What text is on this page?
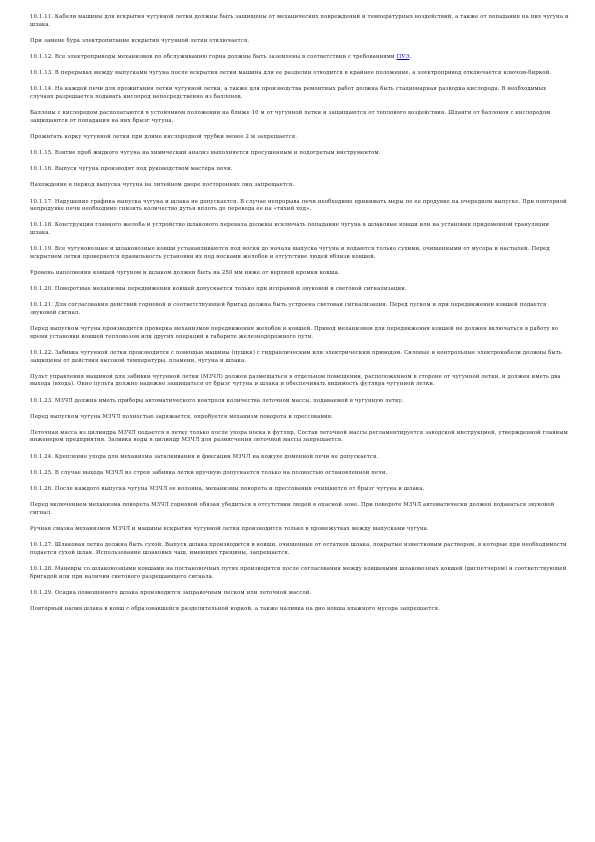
10.1.11. Кабели машины для вскрытия чугунной летки должны быть защищены от механических повреждений и температурных воздействий, а также от попадания на них чугуна и шлака.
При замене бура электропитание вскрытия чугунной летки отключается.
10.1.12. Все электроприводы механизмов по обслуживанию горна должны быть заземлены в соответствии с требованиями ПУЭ.
10.1.13. В перерывах между выпусками чугуна после вскрытия летки машина для ее разделки отводится в крайнее положение, а электропривод отключается ключом-биркой.
10.1.14. На каждой печи для прожигания летки чугунной летки, а также для производства ремонтных работ должна быть стационарная разводка кислорода. В необходимых случаях разрешается подавать кислород непосредственно из баллонов.
Баллоны с кислородом располагаются в устойчивом положении на ближе 10 м от чугунной летки и защищаются от теплового воздействия. Шланги от баллонов с кислородом защищаются от попадания на них брызг чугуна.
Прожигать корку чугунной летки при длине кислородной трубки менее 2 м запрещается.
10.1.15. Взятие проб жидкого чугуна на химический анализ выполняется просушенным и подогретым инструментом.
10.1.16. Выпуск чугуна производят под руководством мастера печи.
Нахождение в период выпуска чугуна на литейном дворе посторонних лиц запрещается.
10.1.17. Нарушение графика выпуска чугуна и шлака не допускается. В случае непрорыва печи необходимо принимать меры по ее продувке на очередном выпуске. При повторной непродувке печи необходимо снизить количество дутья вплоть до перевода ее на «тихий ход».
10.1.18. Конструкция главного желоба и устройство шлакового перевала должны исключать попадание чугуна в шлаковые ковши или на установки придоменной грануляции шлака.
10.1.19. Все чугуновозные и шлаковозные ковши устанавливаются под носки до начала выпуска чугуна и подаются только сухими, очищенными от мусора и настылей. Перед вскрытием летки проверяется правильность установки их под носками желобов и отсутствие людей вблизи ковшей.
Уровень наполнения ковшей чугуном и шлаком должен быть на 250 мм ниже от верхней кромки ковша.
10.1.20. Поворотные механизмы передвижения ковшей допускается только при исправной звуковой и световой сигнализации.
10.1.21. Для согласования действий горновой и соответствующей бригад должна быть устроена световая сигнализация. Перед пуском и при передвижении ковшей подается звуковой сигнал.
Перед выпуском чугуна производится проверка механизмов передвижения желобов и ковшей. Привод механизмов для передвижения ковшей не должен включаться в работу во время установки ковшей тепловозом или других операций в габарите железнодорожного пути.
10.1.22. Забивка чугунной летки производится с помощью машины (пушки) с гидравлическим или электрическим приводом. Силовые и контрольные электрокабели должны быть защищены от действия высокой температуры, пламени, чугуна и шлака.
Пульт управления машиной для забивки чугунной летки (МЗЧЛ) должен размещаться в отдельном помещении, расположенном в стороне от чугунной летки, и должен иметь два выхода (входа). Окно пульта должно надежно защищаться от брызг чугуна и шлака и обеспечивать видимость футляра чугунной летки.
10.1.23. МЗЧЛ должна иметь приборы автоматического контроля количества леточной массы, подаваемой в чугунную летку.
Перед выпуском чугуна МЗЧЛ полностью заряжается, опробуется механизм поворота и прессования.
Леточная масса из цилиндра МЗЧЛ подается в летку только после упора носка в футляр. Состав леточной массы регламентируется заводской инструкцией, утвержденной главным инженером предприятия. Заливка воды в цилиндр МЗЧЛ для размягчения леточной массы запрещается.
10.1.24. Крепление упора для механизма заталкивания и фиксации МЗЧЛ на кожухе доменной печи не допускается.
10.1.25. В случае выхода МЗЧЛ из строя забивка летки вручную допускается только на полностью остановленной печи.
10.1.26. После каждого выпуска чугуна МЗЧЛ ее колонна, механизмы поворота и прессования очищаются от брызг чугуна и шлака.
Перед включением механизма поворота МЗЧЛ горновой обязан убедиться в отсутствии людей в опасной зоне. При повороте МЗЧЛ автоматически должен подаваться звуковой сигнал.
Ручная смазка механизмов МЗЧЛ и машины вскрытия чугунной летки производится только в промежутках между выпусками чугуна.
10.1.27. Шлаковая летка должна быть сухой. Выпуск шлака производится в ковши, очищенные от остатков шлака, покрытые известковым раствором, в которые при необходимости подается сухой шлак. Использование шлаковых чаш, имеющих трещины, запрещается.
10.1.28. Маневры со шлаковозными ковшами на постановочных путях производятся после согласования между ковшевыми шлаковозных ковшей (диспетчером) и соответствующей бригадой или при наличии светового разрешающего сигнала.
10.1.29. Осадка помещенного шлака производится заправочным песком или леточной массой.
Повторный налив шлака в ковш с образовавшейся разделительной коркой, а также наливка на дно ковша влажного мусора запрещается.
